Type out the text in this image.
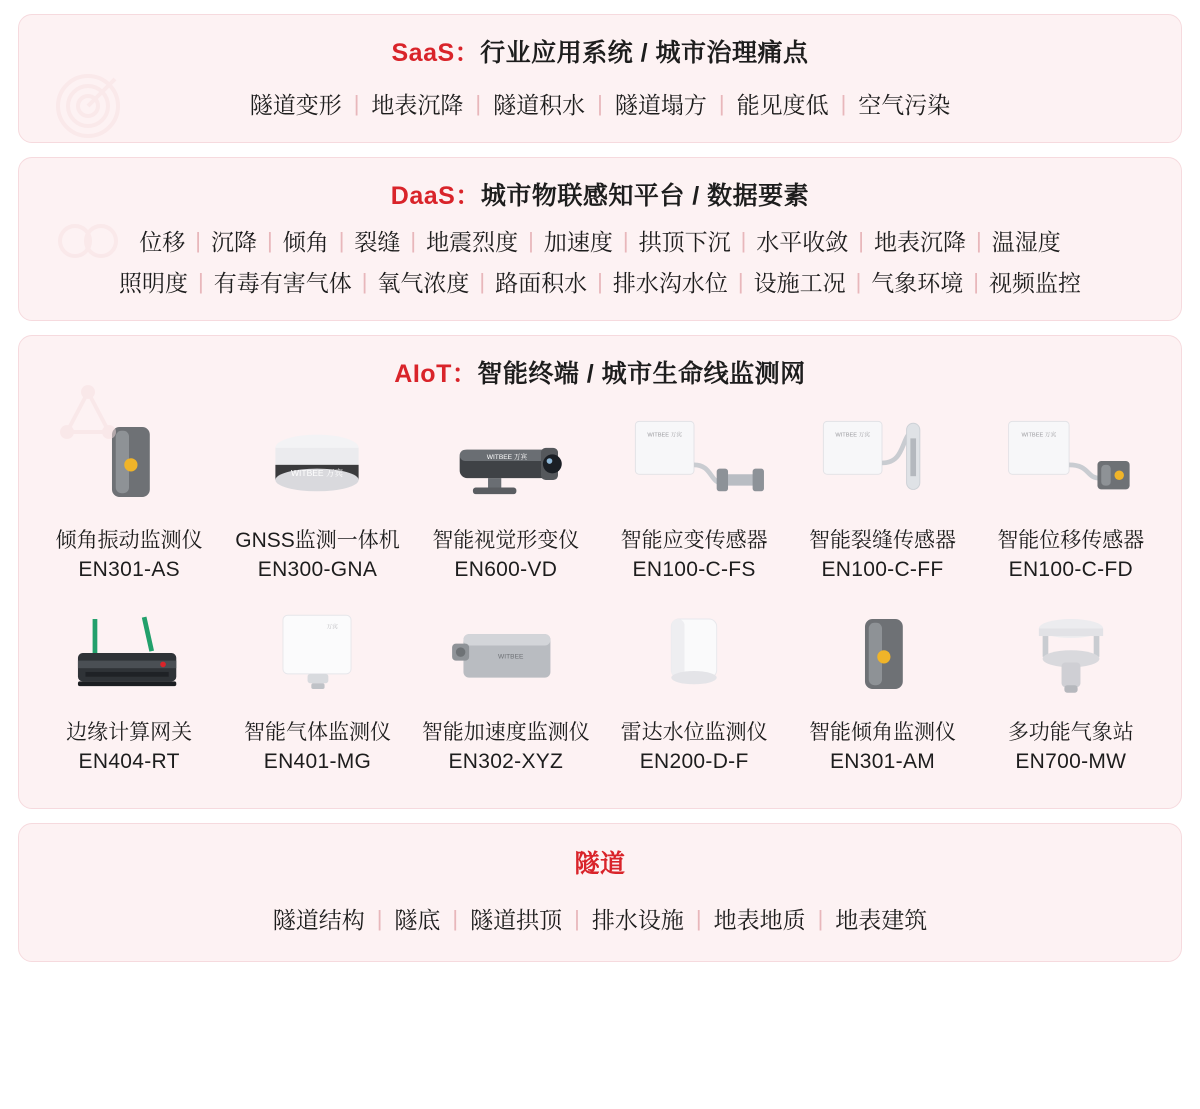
SaaS：行业应用系统 / 城市治理痛点
隧道变形 | 地表沉降 | 隧道积水 | 隧道塌方 | 能见度低 | 空气污染
DaaS：城市物联感知平台 / 数据要素
位移 | 沉降 | 倾角 | 裂缝 | 地震烈度 | 加速度 | 拱顶下沉 | 水平收敛 | 地表沉降 | 温湿度
照明度 | 有毒有害气体 | 氧气浓度 | 路面积水 | 排水沟水位 | 设施工况 | 气象环境 | 视频监控
AIoT：智能终端 / 城市生命线监测网
倾角振动监测仪
EN301-AS
WITBEE 万宾
GNSS监测一体机
EN300-GNA
WITBEE 万宾
智能视觉形变仪
EN600-VD
WITBEE 万宾
智能应变传感器
EN100-C-FS
WITBEE 万宾
智能裂缝传感器
EN100-C-FF
WITBEE 万宾
智能位移传感器
EN100-C-FD
边缘计算网关
EN404-RT
万宾
智能气体监测仪
EN401-MG
WITBEE
智能加速度监测仪
EN302-XYZ
雷达水位监测仪
EN200-D-F
智能倾角监测仪
EN301-AM
多功能气象站
EN700-MW
隧道
隧道结构 | 隧底 | 隧道拱顶 | 排水设施 | 地表地质 | 地表建筑
